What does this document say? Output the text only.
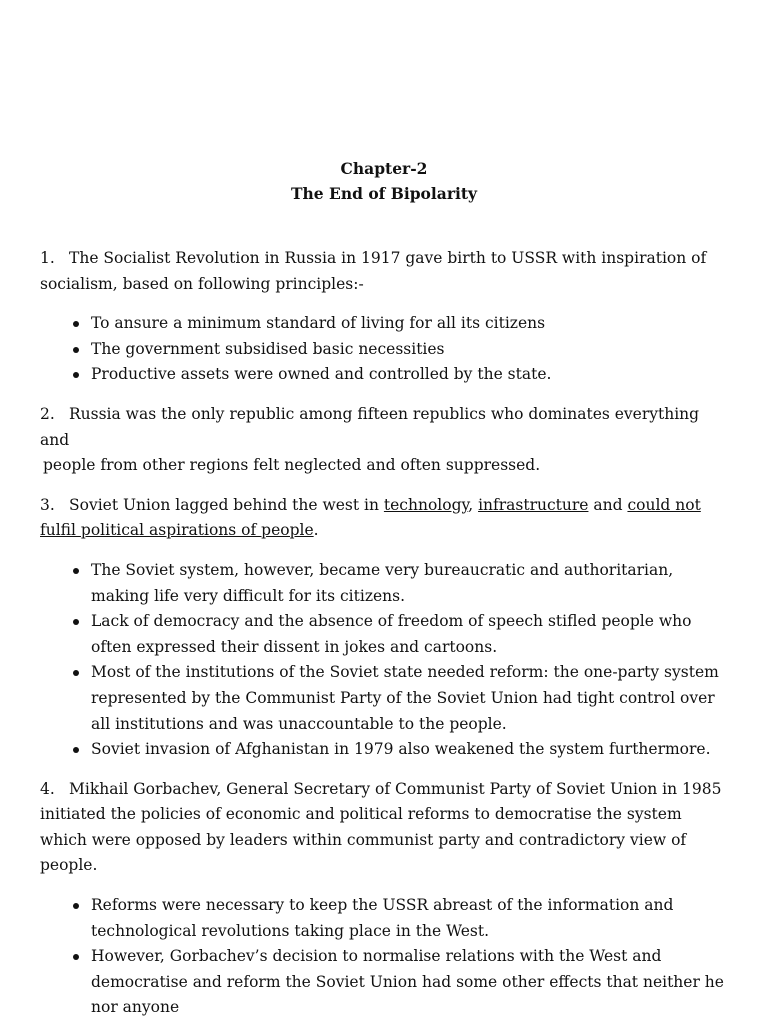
Chapter-2
The End of Bipolarity

1. The Socialist Revolution in Russia in 1917 gave birth to USSR with inspiration of socialism, based on following principles:-

To ansure a minimum standard of living for all its citizens
The government subsidised basic necessities
Productive assets were owned and controlled by the state.

2. Russia was the only republic among fifteen republics who dominates everything and
people from other regions felt neglected and often suppressed.

3. Soviet Union lagged behind the west in technology, infrastructure and could not fulfil political aspirations of people.

The Soviet system, however, became very bureaucratic and authoritarian, making life very difficult for its citizens.
Lack of democracy and the absence of freedom of speech stifled people who often expressed their dissent in jokes and cartoons.
Most of the institutions of the Soviet state needed reform: the one-party system represented by the Communist Party of the Soviet Union had tight control over all institutions and was unaccountable to the people.
Soviet invasion of Afghanistan in 1979 also weakened the system furthermore.

4. Mikhail Gorbachev, General Secretary of Communist Party of Soviet Union in 1985 initiated the policies of economic and political reforms to democratise the system which were opposed by leaders within communist party and contradictory view of people.

Reforms were necessary to keep the USSR abreast of the information and technological revolutions taking place in the West.
However, Gorbachev’s decision to normalise relations with the West and democratise and reform the Soviet Union had some other effects that neither he nor anyone
